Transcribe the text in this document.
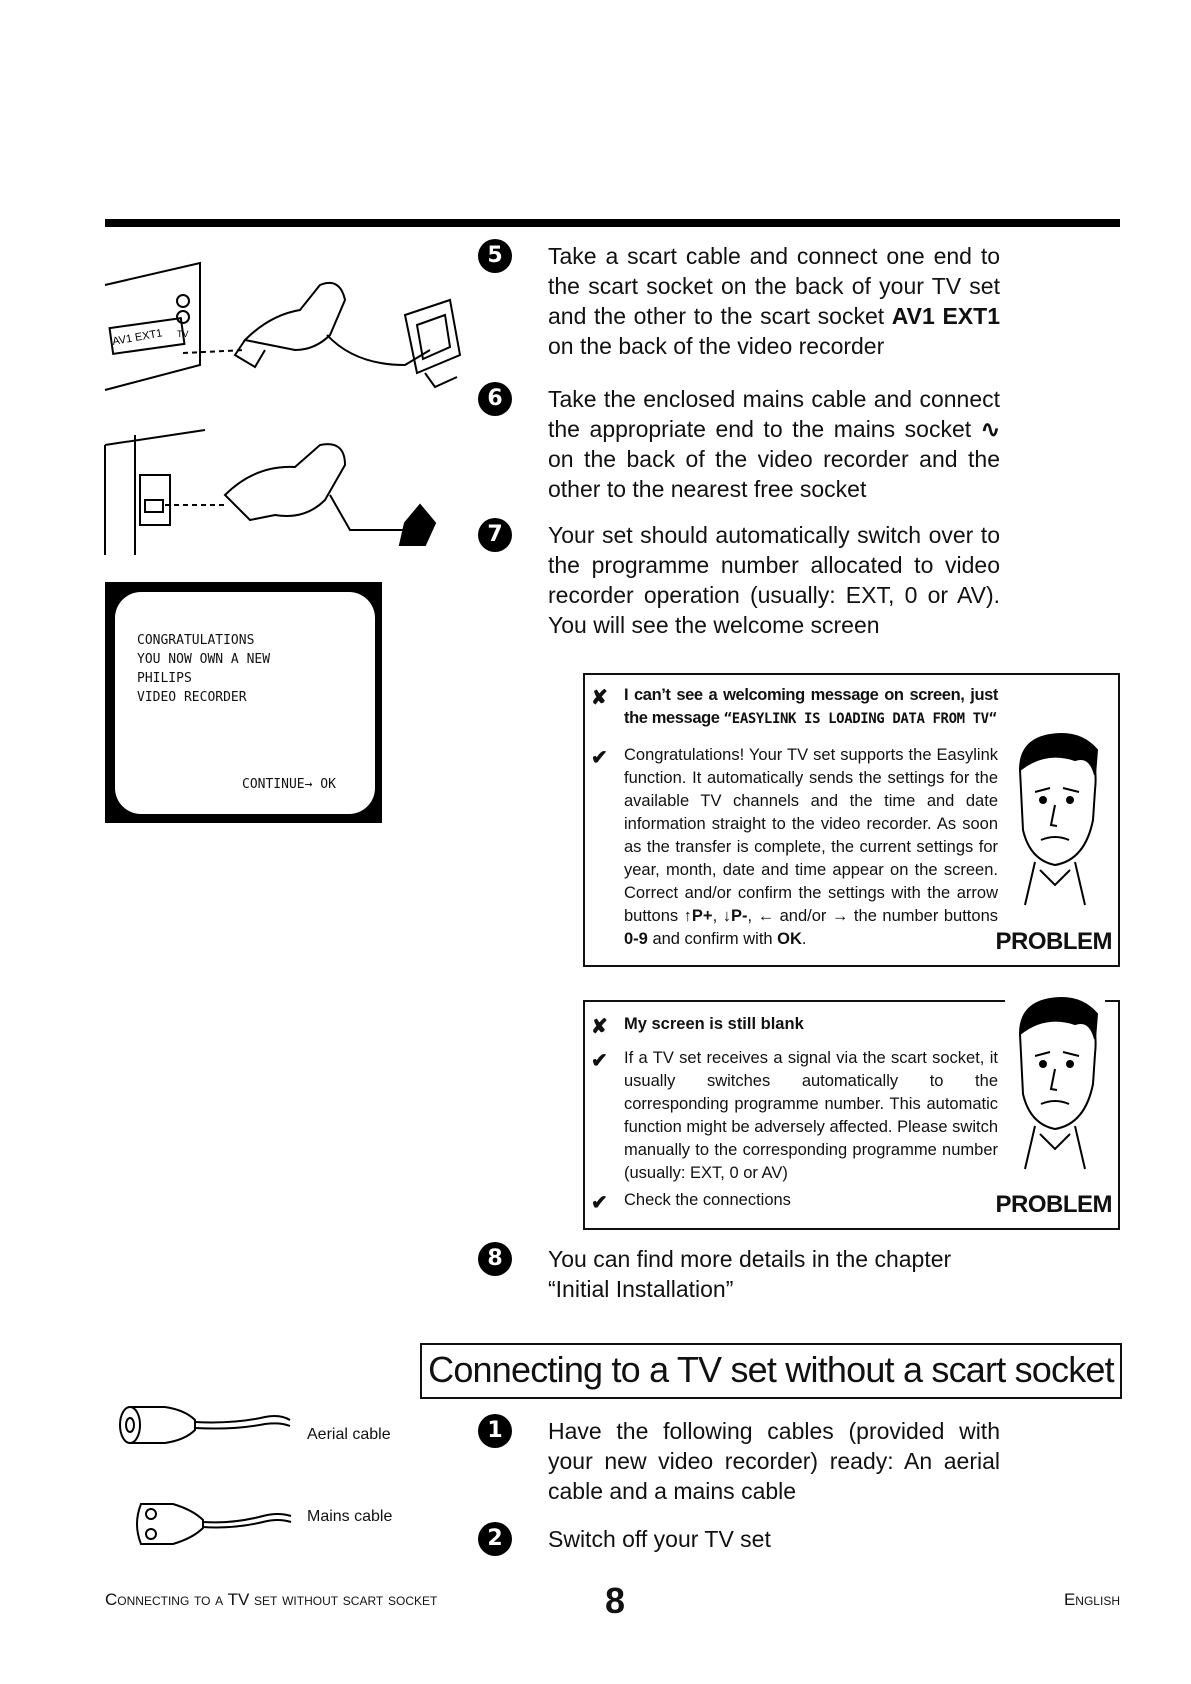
AV1 EXT1 TV
CONGRATULATIONS
YOU NOW OWN A NEW
PHILIPS
VIDEO RECORDER
CONTINUE→ OK
5	Take a scart cable and connect one end to the scart socket on the back of your TV set and the other to the scart socket AV1 EXT1 on the back of the video recorder
6	Take the enclosed mains cable and connect the appropriate end to the mains socket ∿ on the back of the video recorder and the other to the nearest free socket
7	Your set should automatically switch over to the programme number allocated to video recorder operation (usually: EXT, 0 or AV). You will see the welcome screen
✘ I can’t see a welcoming message on screen, just the message “EASYLINK IS LOADING DATA FROM TV“
✔ Congratulations! Your TV set supports the Easylink function. It automatically sends the settings for the available TV channels and the time and date information straight to the video recorder. As soon as the transfer is complete, the current settings for year, month, date and time appear on the screen. Correct and/or confirm the settings with the arrow buttons ↑P+, ↓P-, ← and/or → the number buttons 0-9 and confirm with OK.	PROBLEM
✘ My screen is still blank
✔ If a TV set receives a signal via the scart socket, it usually switches automatically to the corresponding programme number. This automatic function might be adversely affected. Please switch manually to the corresponding programme number (usually: EXT, 0 or AV)
✔ Check the connections	PROBLEM
8	You can find more details in the chapter “Initial Installation”
Connecting to a TV set without a scart socket
Aerial cable
Mains cable
1	Have the following cables (provided with your new video recorder) ready: An aerial cable and a mains cable
2	Switch off your TV set
Connecting to a TV set without scart socket	8	English
